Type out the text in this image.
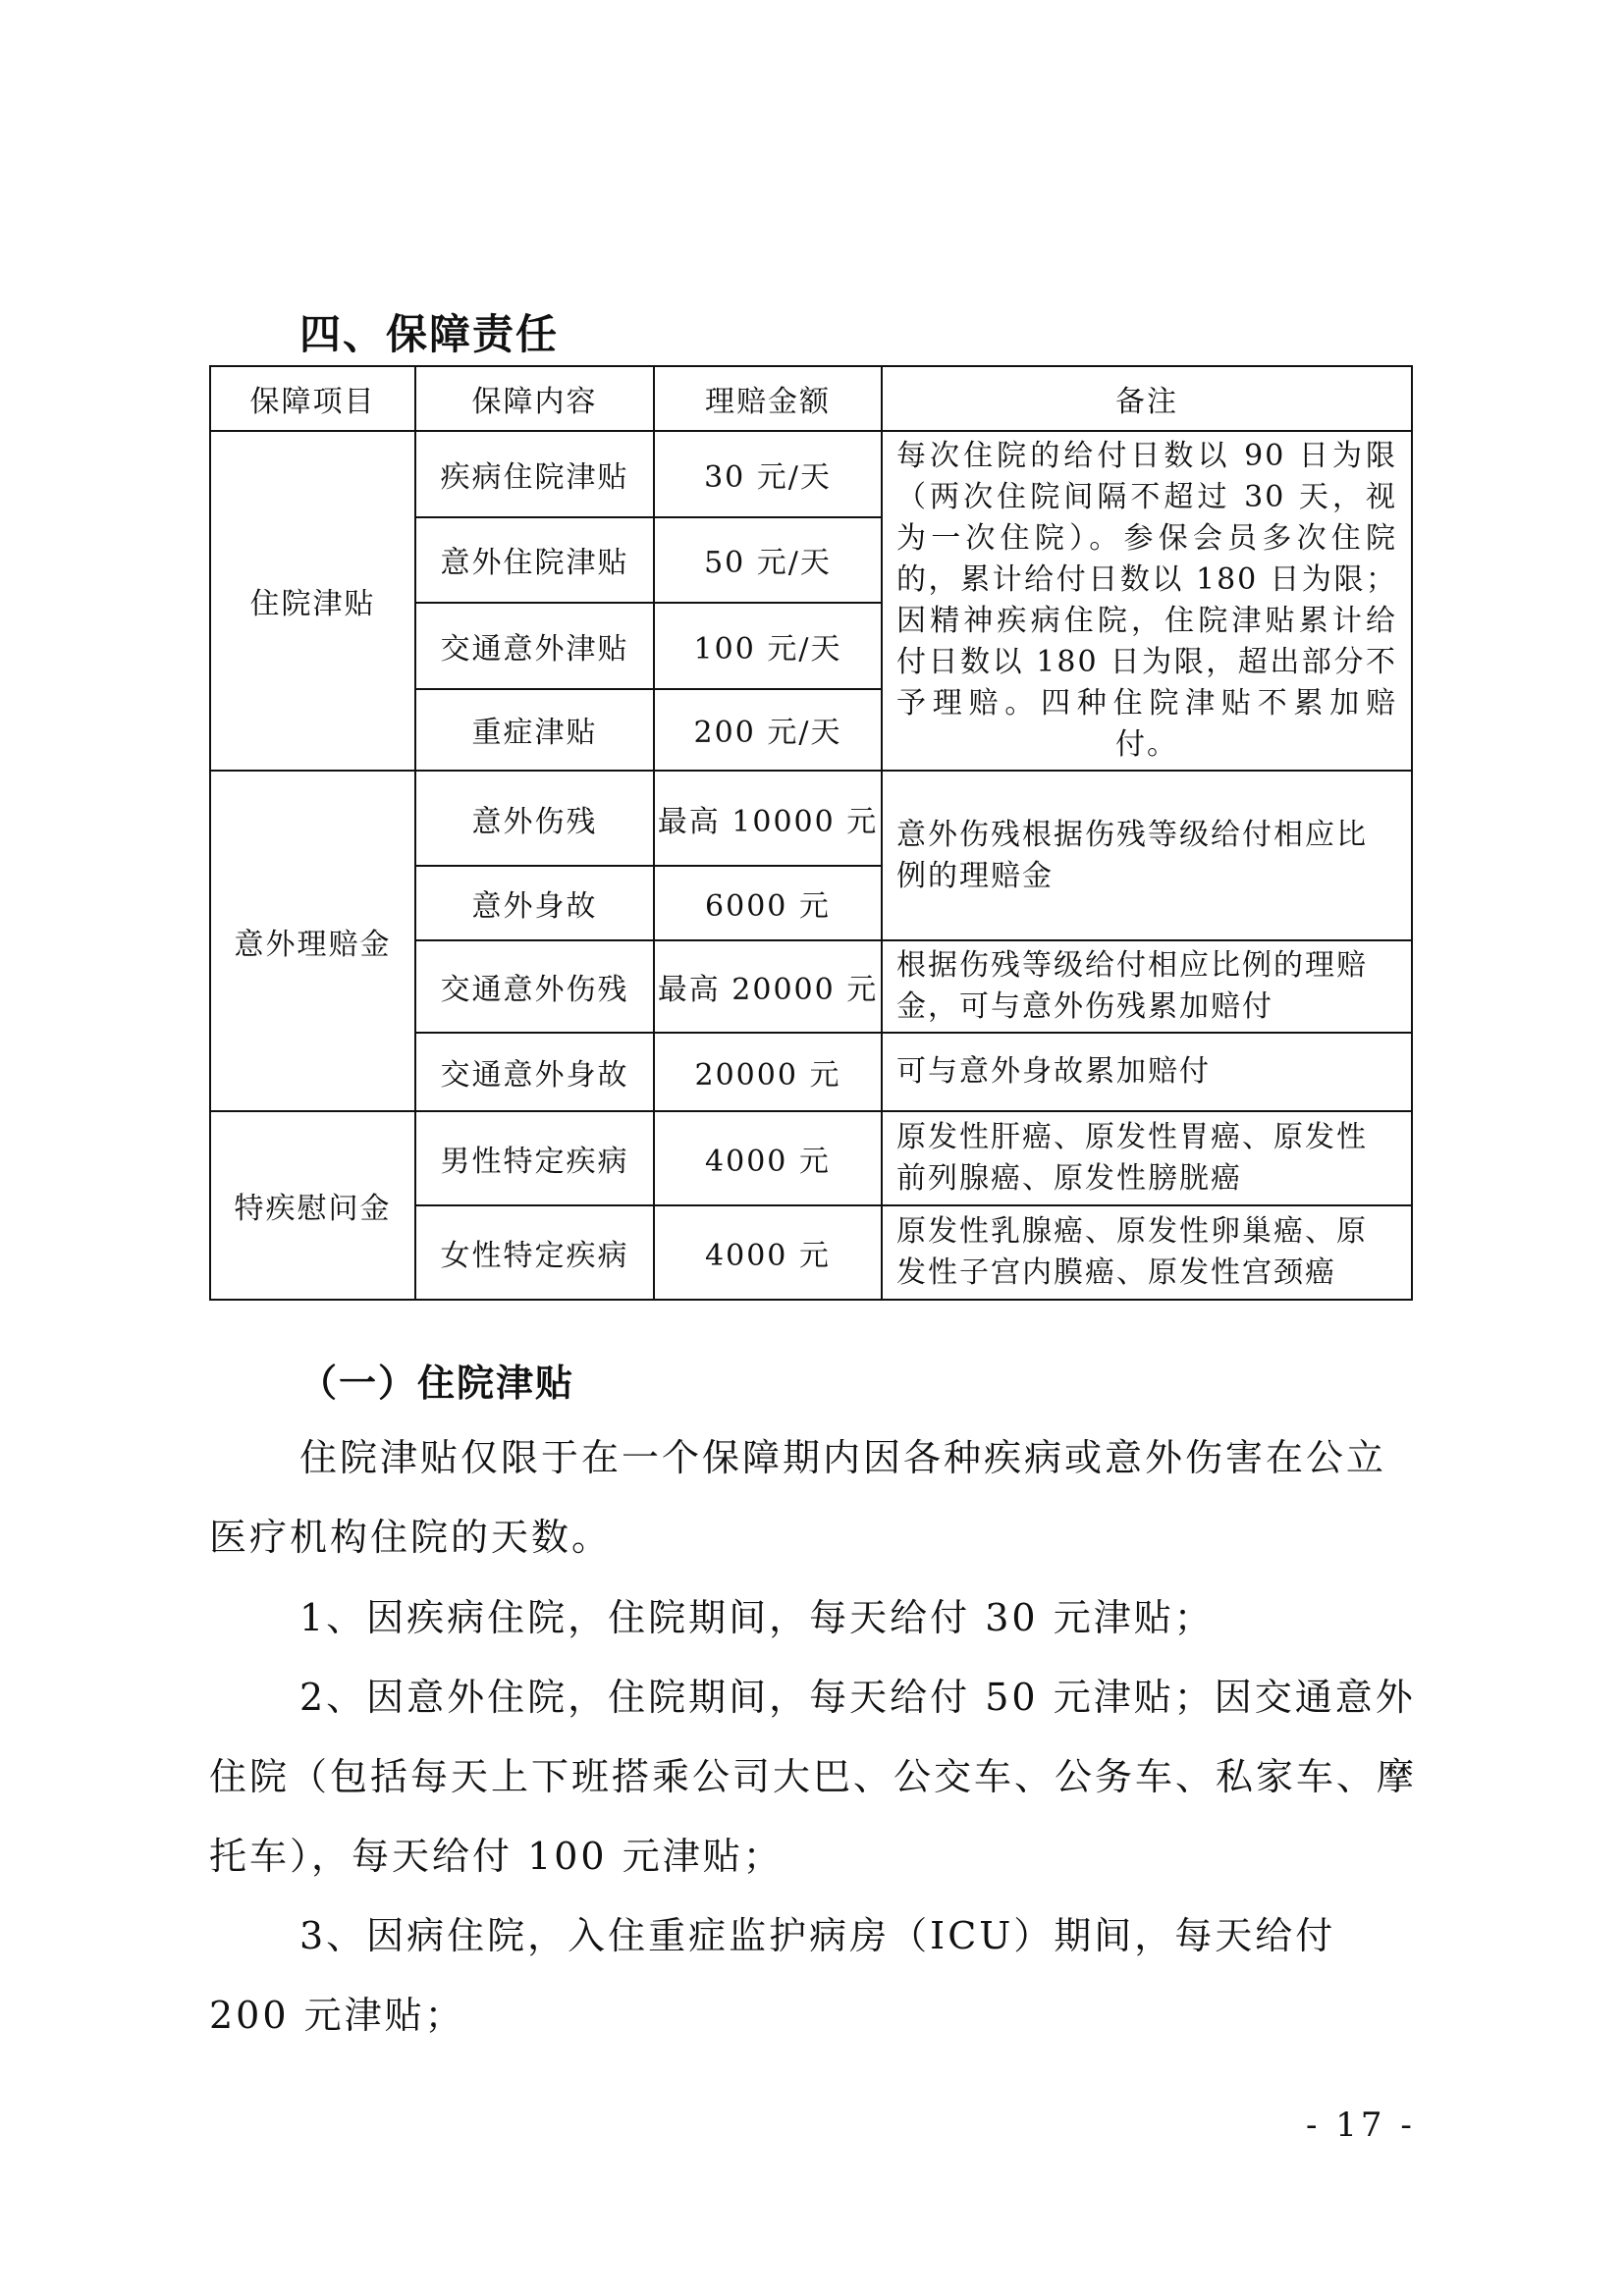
四、保障责任
保障项目	保障内容	理赔金额	备注
住院津贴	疾病住院津贴	30 元/天	每次住院的给付日数以 90 日为限（两次住院间隔不超过 30 天，视为一次住院）。参保会员多次住院的，累计给付日数以 180 日为限；因精神疾病住院，住院津贴累计给付日数以 180 日为限，超出部分不予理赔。四种住院津贴不累加赔付。
	意外住院津贴	50 元/天	
	交通意外津贴	100 元/天	
	重症津贴	200 元/天	
意外理赔金	意外伤残	最高 10000 元	意外伤残根据伤残等级给付相应比例的理赔金
	意外身故	6000 元	
	交通意外伤残	最高 20000 元	根据伤残等级给付相应比例的理赔金，可与意外伤残累加赔付
	交通意外身故	20000 元	可与意外身故累加赔付
特疾慰问金	男性特定疾病	4000 元	原发性肝癌、原发性胃癌、原发性前列腺癌、原发性膀胱癌
	女性特定疾病	4000 元	原发性乳腺癌、原发性卵巢癌、原发性子宫内膜癌、原发性宫颈癌
（一）住院津贴

住院津贴仅限于在一个保障期内因各种疾病或意外伤害在公立医疗机构住院的天数。

1、因疾病住院，住院期间，每天给付 30 元津贴；

2、因意外住院，住院期间，每天给付 50 元津贴；因交通意外住院（包括每天上下班搭乘公司大巴、公交车、公务车、私家车、摩托车），每天给付 100 元津贴；

3、因病住院，入住重症监护病房（ICU）期间，每天给付 200 元津贴；

- 17 -
